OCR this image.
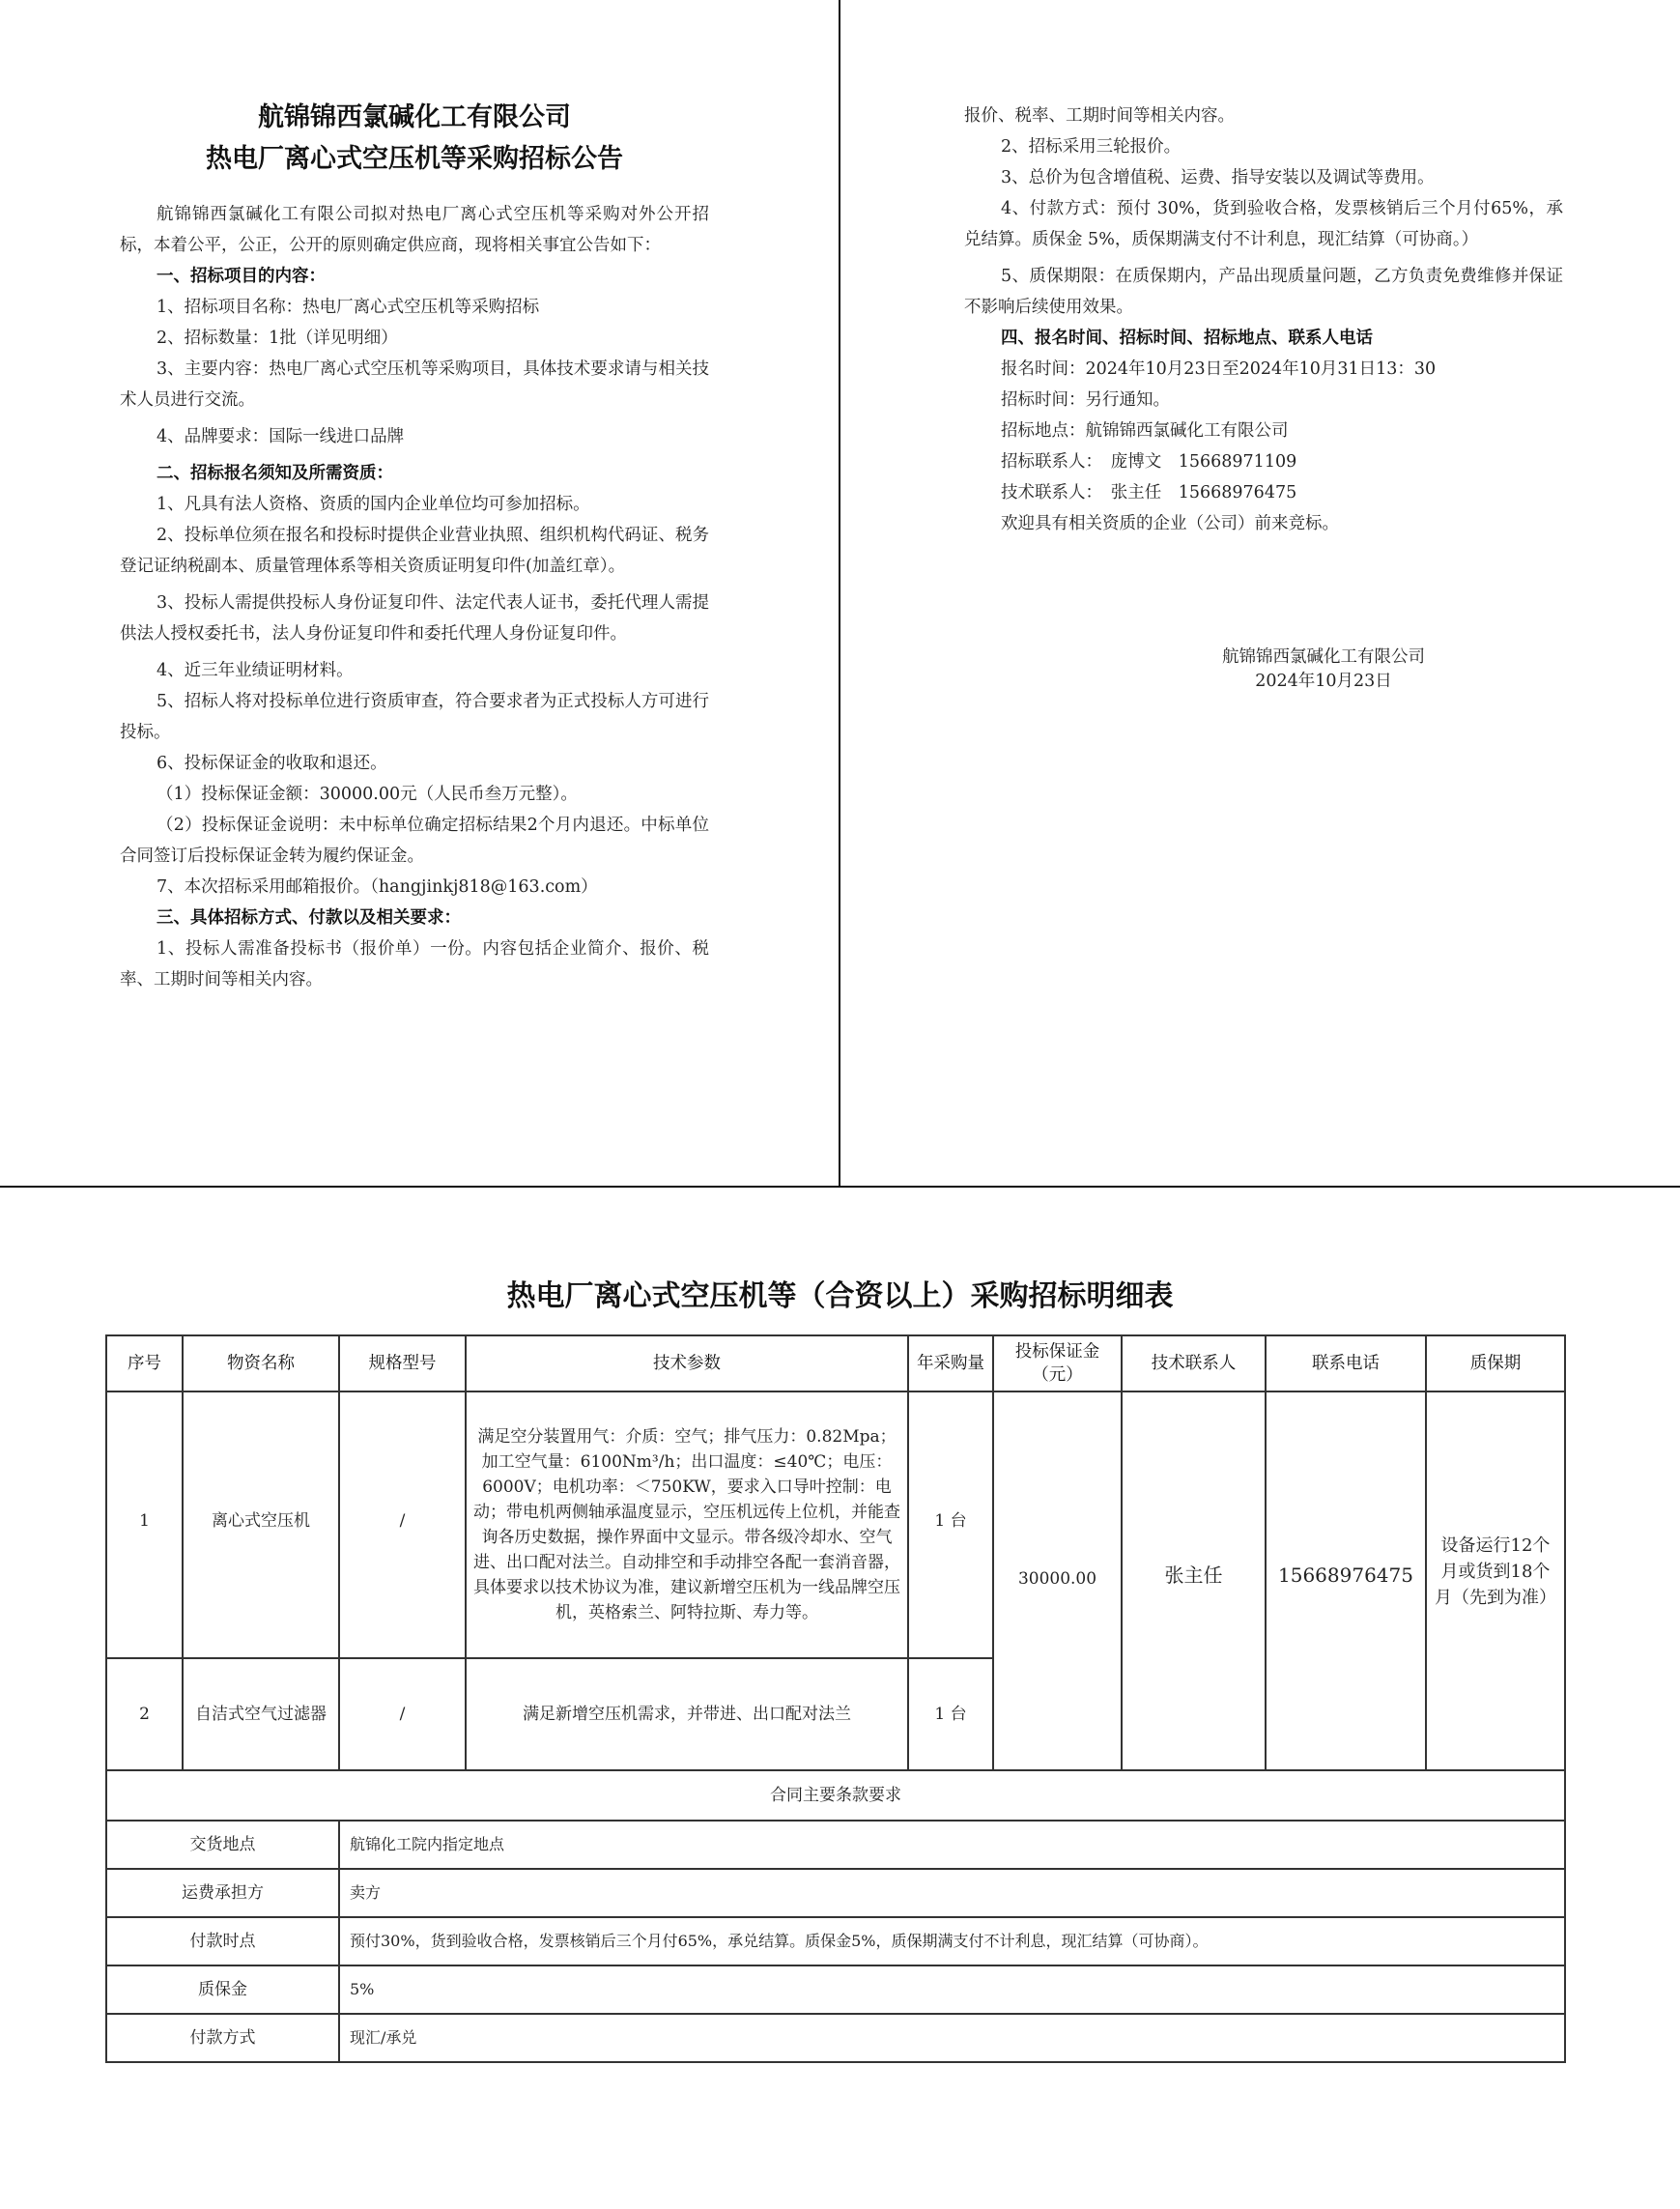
航锦锦西氯碱化工有限公司
热电厂离心式空压机等采购招标公告

航锦锦西氯碱化工有限公司拟对热电厂离心式空压机等采购对外公开招标，本着公平，公正，公开的原则确定供应商，现将相关事宜公告如下：

一、招标项目的内容：

1、招标项目名称：热电厂离心式空压机等采购招标

2、招标数量：1批（详见明细）

3、主要内容：热电厂离心式空压机等采购项目，具体技术要求请与相关技术人员进行交流。

4、品牌要求：国际一线进口品牌

二、招标报名须知及所需资质：

1、凡具有法人资格、资质的国内企业单位均可参加招标。

2、投标单位须在报名和投标时提供企业营业执照、组织机构代码证、税务登记证纳税副本、质量管理体系等相关资质证明复印件(加盖红章）。

3、投标人需提供投标人身份证复印件、法定代表人证书，委托代理人需提供法人授权委托书，法人身份证复印件和委托代理人身份证复印件。

4、近三年业绩证明材料。

5、招标人将对投标单位进行资质审查，符合要求者为正式投标人方可进行投标。

6、投标保证金的收取和退还。

（1）投标保证金额：30000.00元（人民币叁万元整）。

（2）投标保证金说明：未中标单位确定招标结果2个月内退还。中标单位合同签订后投标保证金转为履约保证金。

7、本次招标采用邮箱报价。（hangjinkj818@163.com）

三、具体招标方式、付款以及相关要求：

1、投标人需准备投标书（报价单）一份。内容包括企业简介、报价、税率、工期时间等相关内容。

报价、税率、工期时间等相关内容。

2、招标采用三轮报价。

3、总价为包含增值税、运费、指导安装以及调试等费用。

4、付款方式：预付 30%，货到验收合格，发票核销后三个月付65%，承兑结算。质保金 5%，质保期满支付不计利息，现汇结算（可协商。）

5、质保期限：在质保期内，产品出现质量问题，乙方负责免费维修并保证不影响后续使用效果。

四、报名时间、招标时间、招标地点、联系人电话

报名时间：2024年10月23日至2024年10月31日13：30

招标时间：另行通知。

招标地点：航锦锦西氯碱化工有限公司

招标联系人：　庞博文　15668971109

技术联系人：　张主任　15668976475

欢迎具有相关资质的企业（公司）前来竞标。

航锦锦西氯碱化工有限公司
2024年10月23日
热电厂离心式空压机等（合资以上）采购招标明细表
序号	物资名称	规格型号	技术参数	年采购量	投标保证金（元）	技术联系人	联系电话	质保期
1	离心式空压机	/	满足空分装置用气：介质：空气；排气压力：0.82Mpa；加工空气量：6100Nm³/h；出口温度：≤40℃；电压：6000V；电机功率：＜750KW，要求入口导叶控制：电动；带电机两侧轴承温度显示，空压机远传上位机，并能查询各历史数据，操作界面中文显示。带各级冷却水、空气进、出口配对法兰。自动排空和手动排空各配一套消音器，具体要求以技术协议为准，建议新增空压机为一线品牌空压机，英格索兰、阿特拉斯、寿力等。	1 台	30000.00	张主任	15668976475	设备运行12个月或货到18个月（先到为准）
2	自洁式空气过滤器	/	满足新增空压机需求，并带进、出口配对法兰	1 台				
合同主要条款要求								
交货地点		航锦化工院内指定地点						
运费承担方		卖方						
付款时点		预付30%，货到验收合格，发票核销后三个月付65%，承兑结算。质保金5%，质保期满支付不计利息，现汇结算（可协商）。						
质保金		5%						
付款方式		现汇/承兑						
